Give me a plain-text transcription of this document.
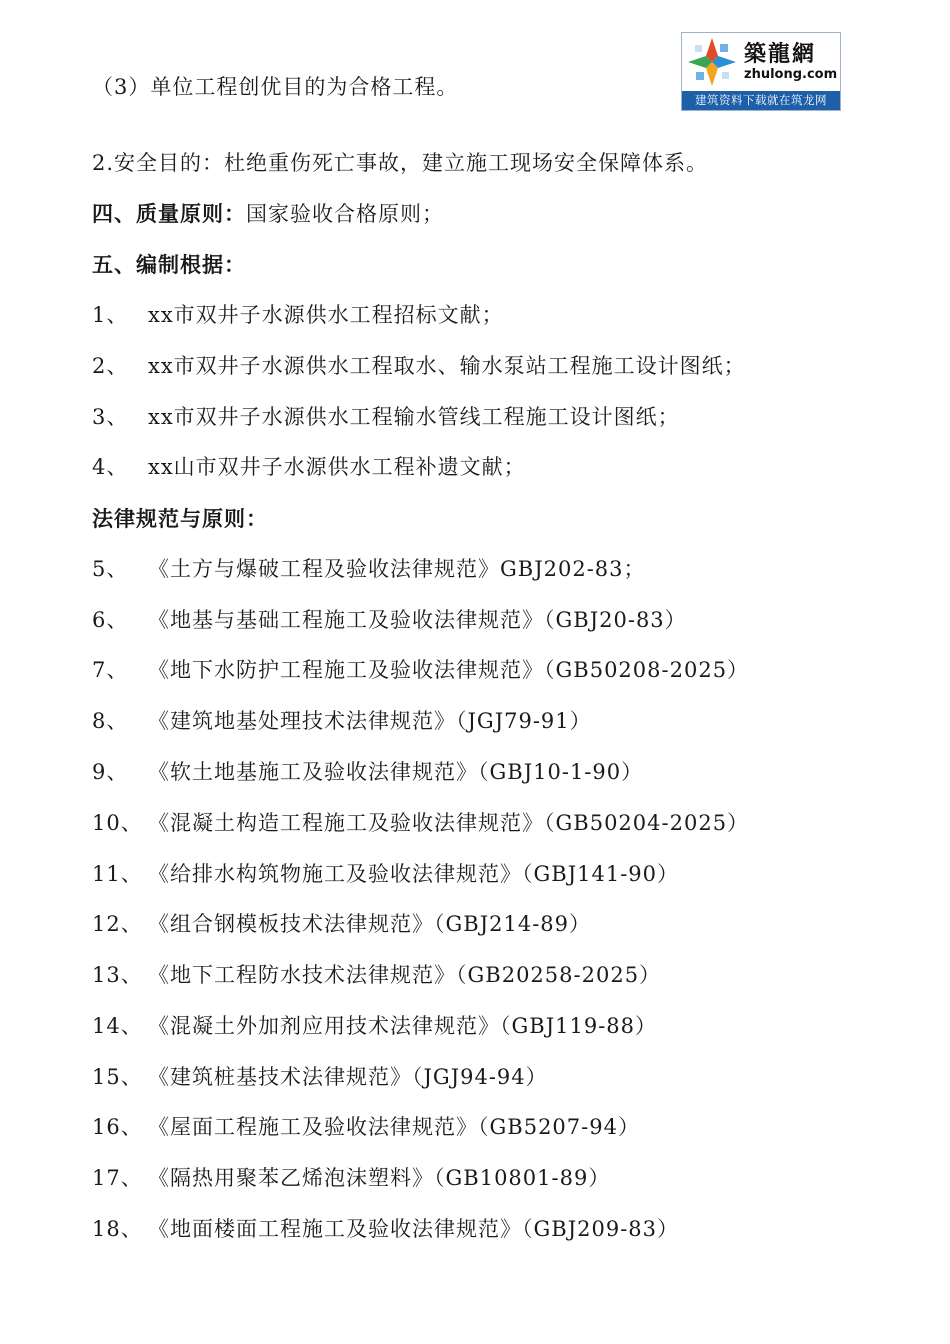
築龍網
zhulong.com
建筑资料下载就在筑龙网
（3）单位工程创优目的为合格工程。
2.安全目的：杜绝重伤死亡事故，建立施工现场安全保障体系。
四、质量原则：国家验收合格原则；
五、编制根据：
1、 xx市双井子水源供水工程招标文献；
2、 xx市双井子水源供水工程取水、输水泵站工程施工设计图纸；
3、 xx市双井子水源供水工程输水管线工程施工设计图纸；
4、 xx山市双井子水源供水工程补遗文献；
法律规范与原则：
5、 《土方与爆破工程及验收法律规范》GBJ202-83；
6、 《地基与基础工程施工及验收法律规范》（GBJ20-83）
7、 《地下水防护工程施工及验收法律规范》（GB50208-2025）
8、 《建筑地基处理技术法律规范》（JGJ79-91）
9、 《软土地基施工及验收法律规范》（GBJ10-1-90）
10、 《混凝土构造工程施工及验收法律规范》（GB50204-2025）
11、 《给排水构筑物施工及验收法律规范》（GBJ141-90）
12、 《组合钢模板技术法律规范》（GBJ214-89）
13、 《地下工程防水技术法律规范》（GB20258-2025）
14、 《混凝土外加剂应用技术法律规范》（GBJ119-88）
15、 《建筑桩基技术法律规范》（JGJ94-94）
16、 《屋面工程施工及验收法律规范》（GB5207-94）
17、 《隔热用聚苯乙烯泡沫塑料》（GB10801-89）
18、 《地面楼面工程施工及验收法律规范》（GBJ209-83）
